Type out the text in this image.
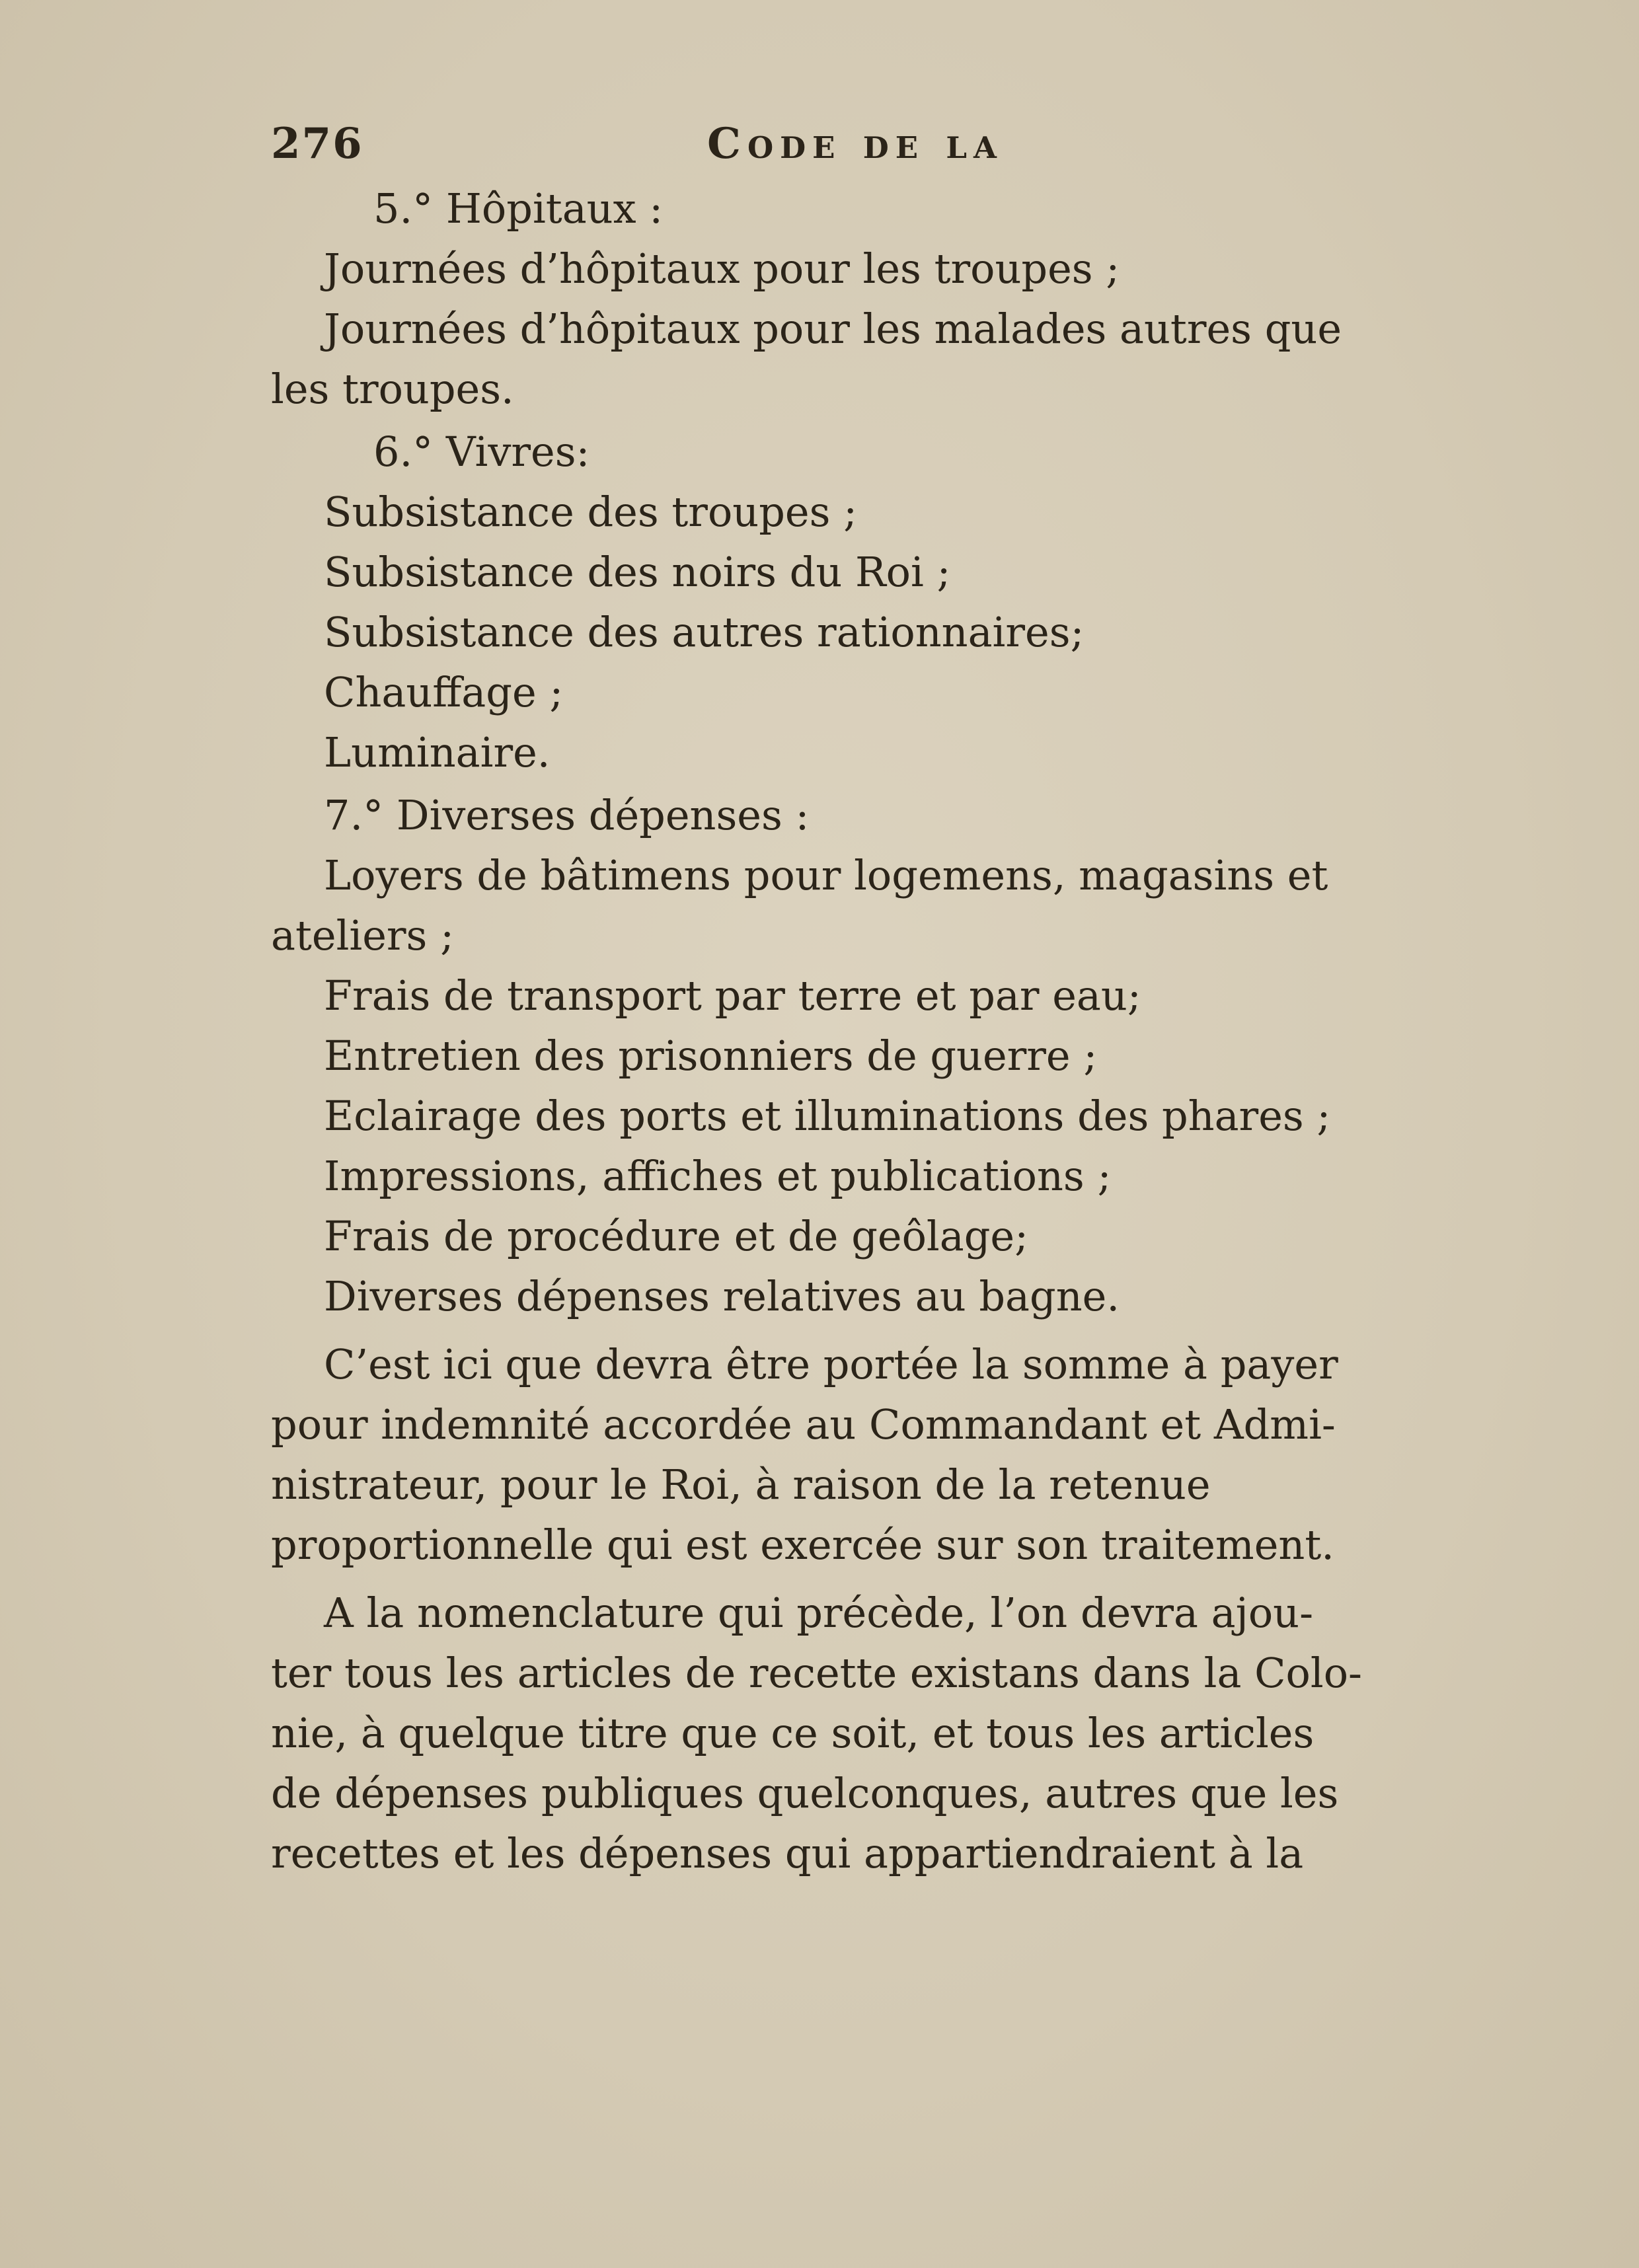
276	Code de la
5.° Hôpitaux :
Journées d’hôpitaux pour les troupes ;
Journées d’hôpitaux pour les malades autres que
les troupes.
6.° Vivres:
Subsistance des troupes ;
Subsistance des noirs du Roi ;
Subsistance des autres rationnaires;
Chauffage ;
Luminaire.
7.° Diverses dépenses :
Loyers de bâtimens pour logemens, magasins et
ateliers ;
Frais de transport par terre et par eau;
Entretien des prisonniers de guerre ;
Eclairage des ports et illuminations des phares ;
Impressions, affiches et publications ;
Frais de procédure et de geôlage;
Diverses dépenses relatives au bagne.
C’est ici que devra être portée la somme à payer
pour indemnité accordée au Commandant et Admi-
nistrateur, pour le Roi, à raison de la retenue
proportionnelle qui est exercée sur son traitement.
A la nomenclature qui précède, l’on devra ajou-
ter tous les articles de recette existans dans la Colo-
nie, à quelque titre que ce soit, et tous les articles
de dépenses publiques quelconques, autres que les
recettes et les dépenses qui appartiendraient à la
